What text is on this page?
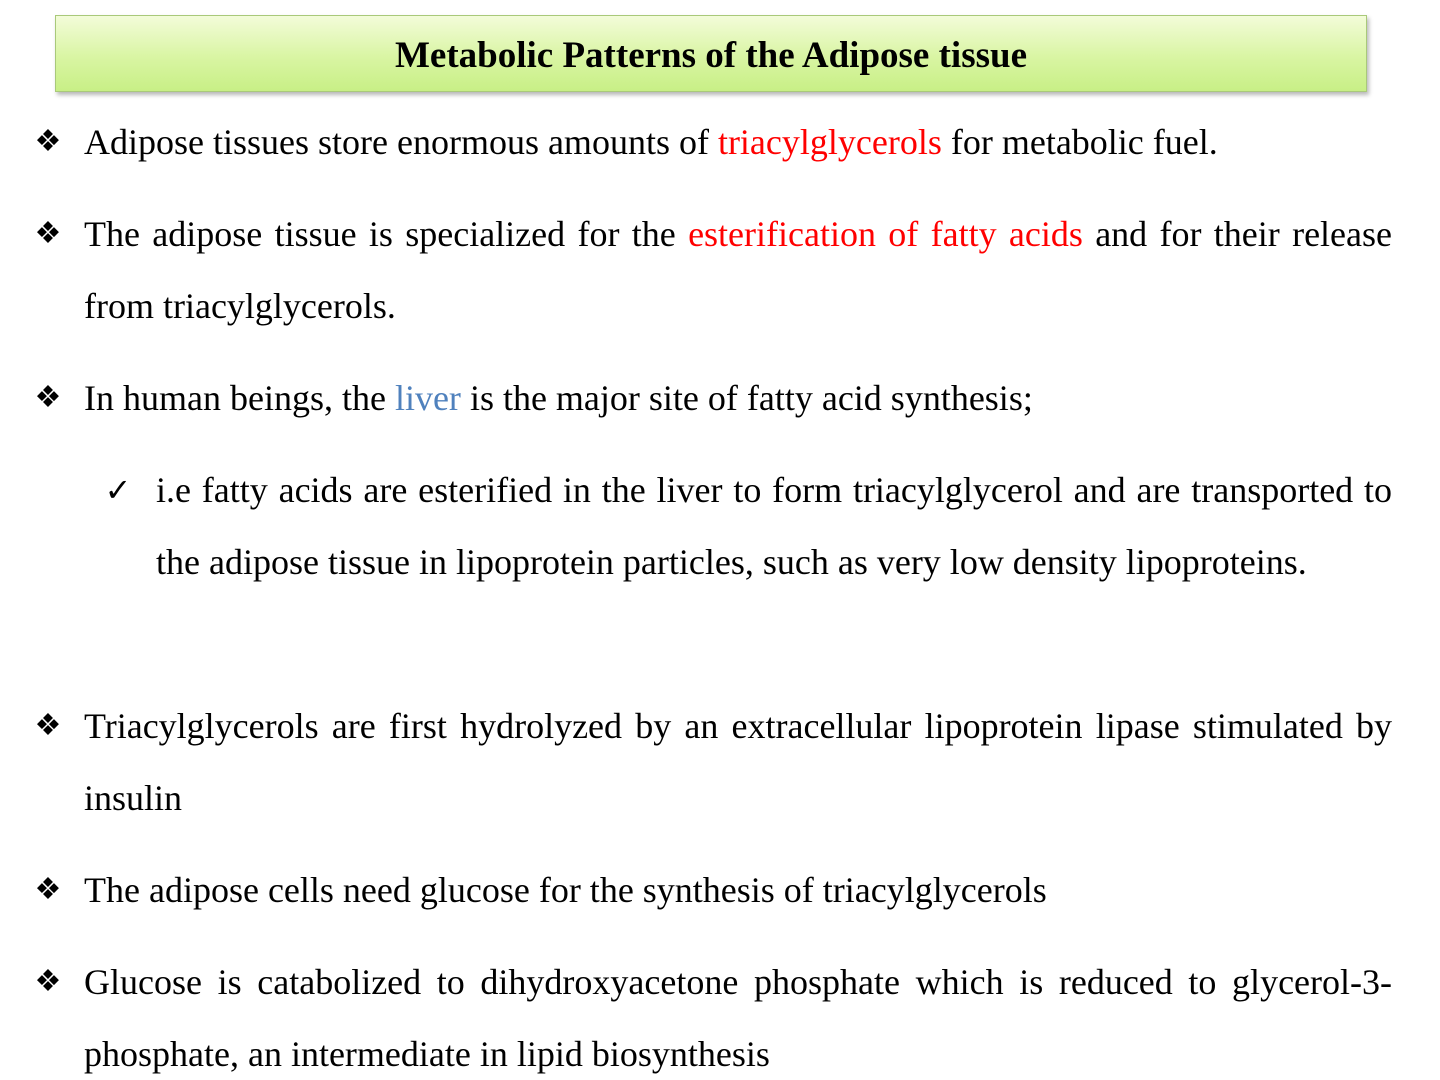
Metabolic Patterns of the Adipose tissue
❖ Adipose tissues store enormous amounts of triacylglycerols for metabolic fuel.
❖ The adipose tissue is specialized for the esterification of fatty acids and for their release from triacylglycerols.
❖ In human beings, the liver is the major site of fatty acid synthesis;
✓ i.e fatty acids are esterified in the liver to form triacylglycerol and are transported to the adipose tissue in lipoprotein particles, such as very low density lipoproteins.
❖ Triacylglycerols are first hydrolyzed by an extracellular lipoprotein lipase stimulated by insulin
❖ The adipose cells need glucose for the synthesis of triacylglycerols
❖ Glucose is catabolized to dihydroxyacetone phosphate which is reduced to glycerol-3-phosphate, an intermediate in lipid biosynthesis
